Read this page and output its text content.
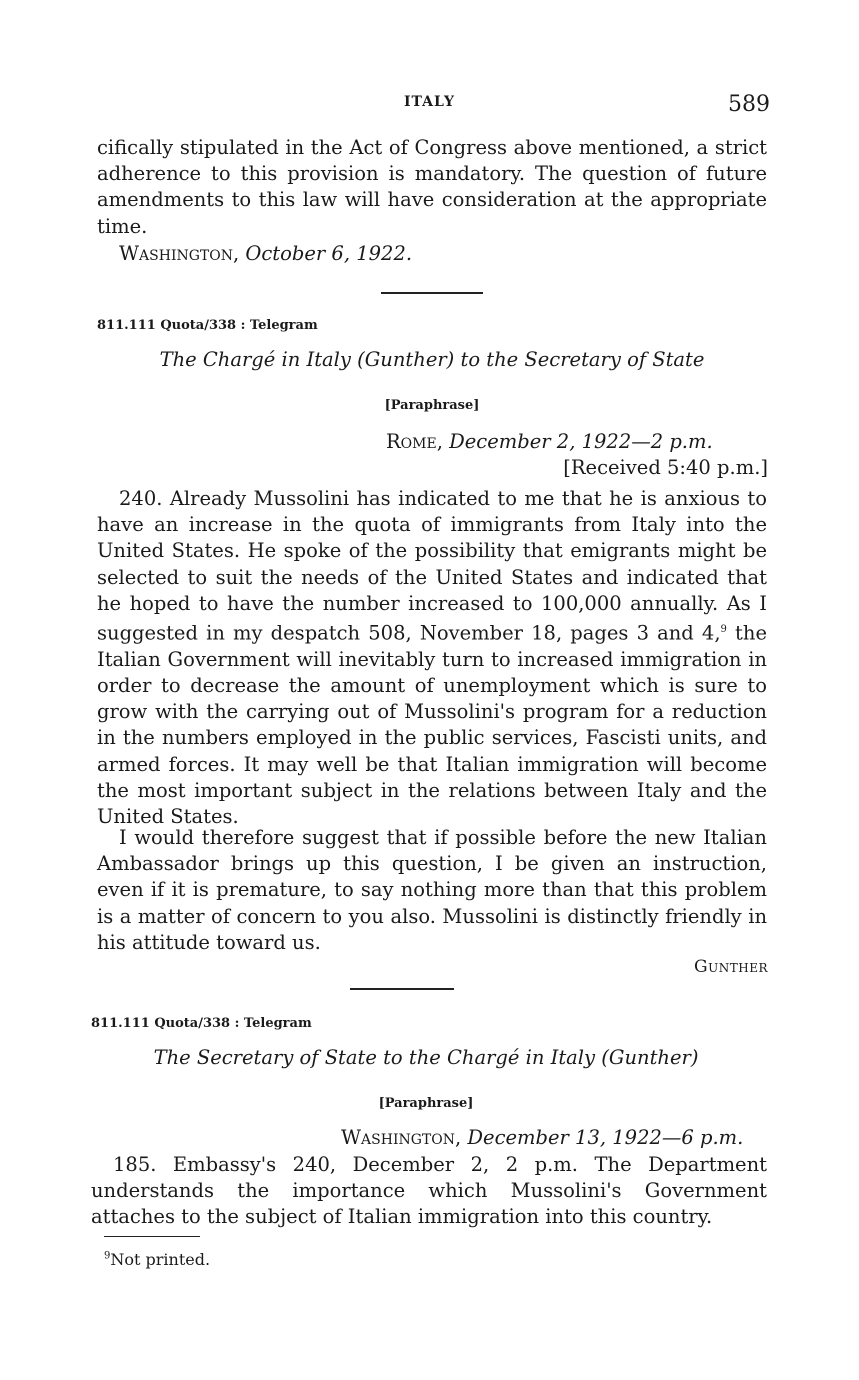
ITALY	589

cifically stipulated in the Act of Congress above mentioned, a strict adherence to this provision is mandatory. The question of future amendments to this law will have consideration at the appropriate time.

Washington, October 6, 1922.
811.111 Quota/338 : Telegram
The Chargé in Italy (Gunther) to the Secretary of State
[Paraphrase]
Rome, December 2, 1922—2 p.m.
[Received 5:40 p.m.]

240. Already Mussolini has indicated to me that he is anxious to have an increase in the quota of immigrants from Italy into the United States. He spoke of the possibility that emigrants might be selected to suit the needs of the United States and indicated that he hoped to have the number increased to 100,000 annually. As I suggested in my despatch 508, November 18, pages 3 and 4,$^9$ the Italian Government will inevitably turn to increased immigration in order to decrease the amount of unemployment which is sure to grow with the carrying out of Mussolini's program for a reduction in the numbers employed in the public services, Fascisti units, and armed forces. It may well be that Italian immigration will become the most important subject in the relations between Italy and the United States.

I would therefore suggest that if possible before the new Italian Ambassador brings up this question, I be given an instruction, even if it is premature, to say nothing more than that this problem is a matter of concern to you also. Mussolini is distinctly friendly in his attitude toward us.

Gunther
811.111 Quota/338 : Telegram
The Secretary of State to the Chargé in Italy (Gunther)
[Paraphrase]
Washington, December 13, 1922—6 p.m.

185. Embassy's 240, December 2, 2 p.m. The Department understands the importance which Mussolini's Government attaches to the subject of Italian immigration into this country.

$^9$Not printed.
